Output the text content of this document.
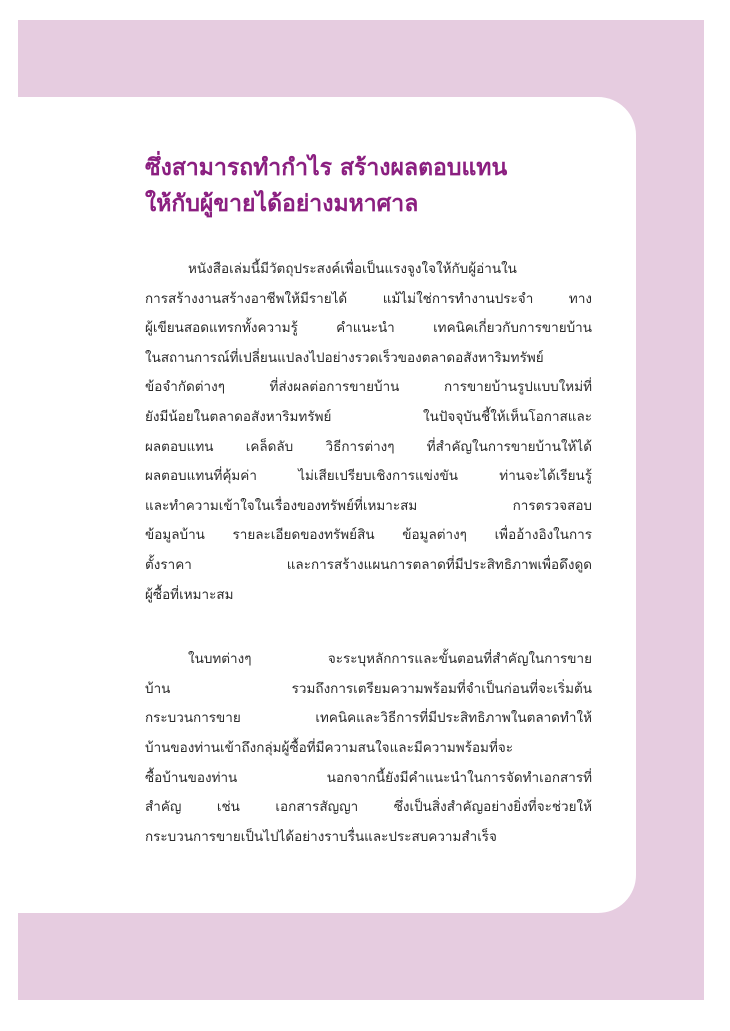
ซึ่งสามารถทำกำไร สร้างผลตอบแทน
ให้กับผู้ขายได้อย่างมหาศาล

หนังสือเล่มนี้มีวัตถุประสงค์เพื่อเป็นแรงจูงใจให้กับผู้อ่านใน
การสร้างงานสร้างอาชีพให้มีรายได้ แม้ไม่ใช่การทำงานประจำ ทาง
ผู้เขียนสอดแทรกทั้งความรู้ คำแนะนำ เทคนิคเกี่ยวกับการขายบ้าน
ในสถานการณ์ที่เปลี่ยนแปลงไปอย่างรวดเร็วของตลาดอสังหาริมทรัพย์
ข้อจำกัดต่างๆ ที่ส่งผลต่อการขายบ้าน การขายบ้านรูปแบบใหม่ที่
ยังมีน้อยในตลาดอสังหาริมทรัพย์ ในปัจจุบันชี้ให้เห็นโอกาสและ
ผลตอบแทน เคล็ดลับ วิธีการต่างๆ ที่สำคัญในการขายบ้านให้ได้
ผลตอบแทนที่คุ้มค่า ไม่เสียเปรียบเชิงการแข่งขัน ท่านจะได้เรียนรู้
และทำความเข้าใจในเรื่องของทรัพย์ที่เหมาะสม การตรวจสอบ
ข้อมูลบ้าน รายละเอียดของทรัพย์สิน ข้อมูลต่างๆ เพื่ออ้างอิงในการ
ตั้งราคา และการสร้างแผนการตลาดที่มีประสิทธิภาพเพื่อดึงดูด
ผู้ซื้อที่เหมาะสม

ในบทต่างๆ จะระบุหลักการและขั้นตอนที่สำคัญในการขาย
บ้าน รวมถึงการเตรียมความพร้อมที่จำเป็นก่อนที่จะเริ่มต้น
กระบวนการขาย เทคนิคและวิธีการที่มีประสิทธิภาพในตลาดทำให้
บ้านของท่านเข้าถึงกลุ่มผู้ซื้อที่มีความสนใจและมีความพร้อมที่จะ
ซื้อบ้านของท่าน นอกจากนี้ยังมีคำแนะนำในการจัดทำเอกสารที่
สำคัญ เช่น เอกสารสัญญา ซึ่งเป็นสิ่งสำคัญอย่างยิ่งที่จะช่วยให้
กระบวนการขายเป็นไปได้อย่างราบรื่นและประสบความสำเร็จ
